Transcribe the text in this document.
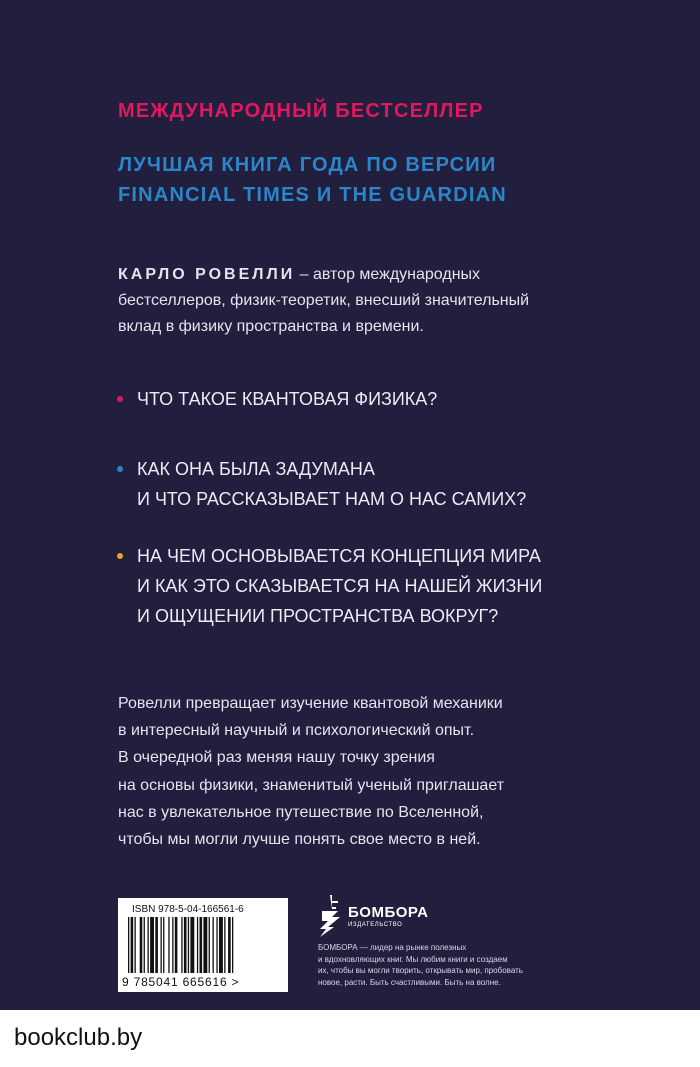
МЕЖДУНАРОДНЫЙ БЕСТСЕЛЛЕР
ЛУЧШАЯ КНИГА ГОДА ПО ВЕРСИИ
FINANCIAL TIMES И THE GUARDIAN
КАРЛО РОВЕЛЛИ – автор международных
бестселлеров, физик-теоретик, внесший значительный
вклад в физику пространства и времени.
ЧТО ТАКОЕ КВАНТОВАЯ ФИЗИКА?
КАК ОНА БЫЛА ЗАДУМАНА
И ЧТО РАССКАЗЫВАЕТ НАМ О НАС САМИХ?
НА ЧЕМ ОСНОВЫВАЕТСЯ КОНЦЕПЦИЯ МИРА
И КАК ЭТО СКАЗЫВАЕТСЯ НА НАШЕЙ ЖИЗНИ
И ОЩУЩЕНИИ ПРОСТРАНСТВА ВОКРУГ?
Ровелли превращает изучение квантовой механики
в интересный научный и психологический опыт.
В очередной раз меняя нашу точку зрения
на основы физики, знаменитый ученый приглашает
нас в увлекательное путешествие по Вселенной,
чтобы мы могли лучше понять свое место в ней.
ISBN 978-5-04-166561-6
9 785041 665616 >
БОМБОРА
ИЗДАТЕЛЬСТВО
БОМБОРА — лидер на рынке полезных
и вдохновляющих книг. Мы любим книги и создаем
их, чтобы вы могли творить, открывать мир, пробовать
новое, расти. Быть счастливыми. Быть на волне.
bookclub.by
